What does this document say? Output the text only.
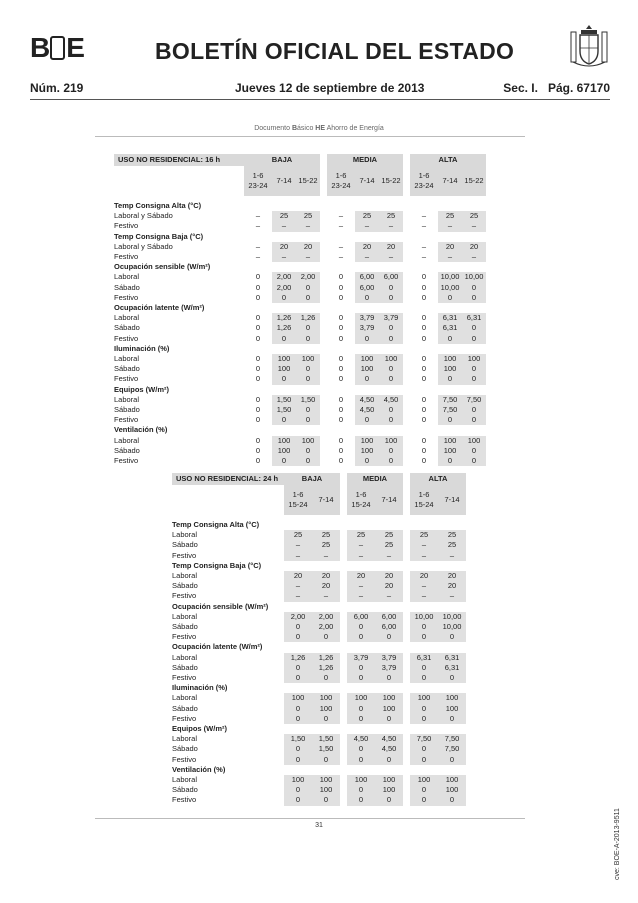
B E	BOLETÍN OFICIAL DEL ESTADO
Núm. 219	Jueves 12 de septiembre de 2013	Sec. I.   Pág. 67170
Documento Básico HE Ahorro de Energía
USO NO RESIDENCIAL: 16 h	BAJA				MEDIA				ALTA		
	1-6
23-24	7-14	15-22		1-6
23-24	7-14	15-22		1-6
23-24	7-14	15-22

Temp Consigna Alta (°C)											
Laboral y Sábado	–	25	25		–	25	25		–	25	25
Festivo	–	–	–		–	–	–		–	–	–
Temp Consigna Baja (°C)											
Laboral y Sábado	–	20	20		–	20	20		–	20	20
Festivo	–	–	–		–	–	–		–	–	–
Ocupación sensible (W/m²)											
Laboral	0	2,00	2,00		0	6,00	6,00		0	10,00	10,00
Sábado	0	2,00	0		0	6,00	0		0	10,00	0
Festivo	0	0	0		0	0	0		0	0	0
Ocupación latente (W/m²)											
Laboral	0	1,26	1,26		0	3,79	3,79		0	6,31	6,31
Sábado	0	1,26	0		0	3,79	0		0	6,31	0
Festivo	0	0	0		0	0	0		0	0	0
Iluminación (%)											
Laboral	0	100	100		0	100	100		0	100	100
Sábado	0	100	0		0	100	0		0	100	0
Festivo	0	0	0		0	0	0		0	0	0
Equipos (W/m²)											
Laboral	0	1,50	1,50		0	4,50	4,50		0	7,50	7,50
Sábado	0	1,50	0		0	4,50	0		0	7,50	0
Festivo	0	0	0		0	0	0		0	0	0
Ventilación (%)											
Laboral	0	100	100		0	100	100		0	100	100
Sábado	0	100	0		0	100	0		0	100	0
Festivo	0	0	0		0	0	0		0	0	0
USO NO RESIDENCIAL: 24 h	BAJA			MEDIA			ALTA	
	1-6
15-24	7-14		1-6
15-24	7-14		1-6
15-24	7-14

Temp Consigna Alta (°C)								
Laboral	25	25		25	25		25	25
Sábado	–	25		–	25		–	25
Festivo	–	–		–	–		–	–
Temp Consigna Baja (°C)								
Laboral	20	20		20	20		20	20
Sábado	–	20		–	20		–	20
Festivo	–	–		–	–		–	–
Ocupación sensible (W/m²)								
Laboral	2,00	2,00		6,00	6,00		10,00	10,00
Sábado	0	2,00		0	6,00		0	10,00
Festivo	0	0		0	0		0	0
Ocupación latente (W/m²)								
Laboral	1,26	1,26		3,79	3,79		6,31	6,31
Sábado	0	1,26		0	3,79		0	6,31
Festivo	0	0		0	0		0	0
Iluminación (%)								
Laboral	100	100		100	100		100	100
Sábado	0	100		0	100		0	100
Festivo	0	0		0	0		0	0
Equipos (W/m²)								
Laboral	1,50	1,50		4,50	4,50		7,50	7,50
Sábado	0	1,50		0	4,50		0	7,50
Festivo	0	0		0	0		0	0
Ventilación (%)								
Laboral	100	100		100	100		100	100
Sábado	0	100		0	100		0	100
Festivo	0	0		0	0		0	0
31	cve: BOE-A-2013-9511
